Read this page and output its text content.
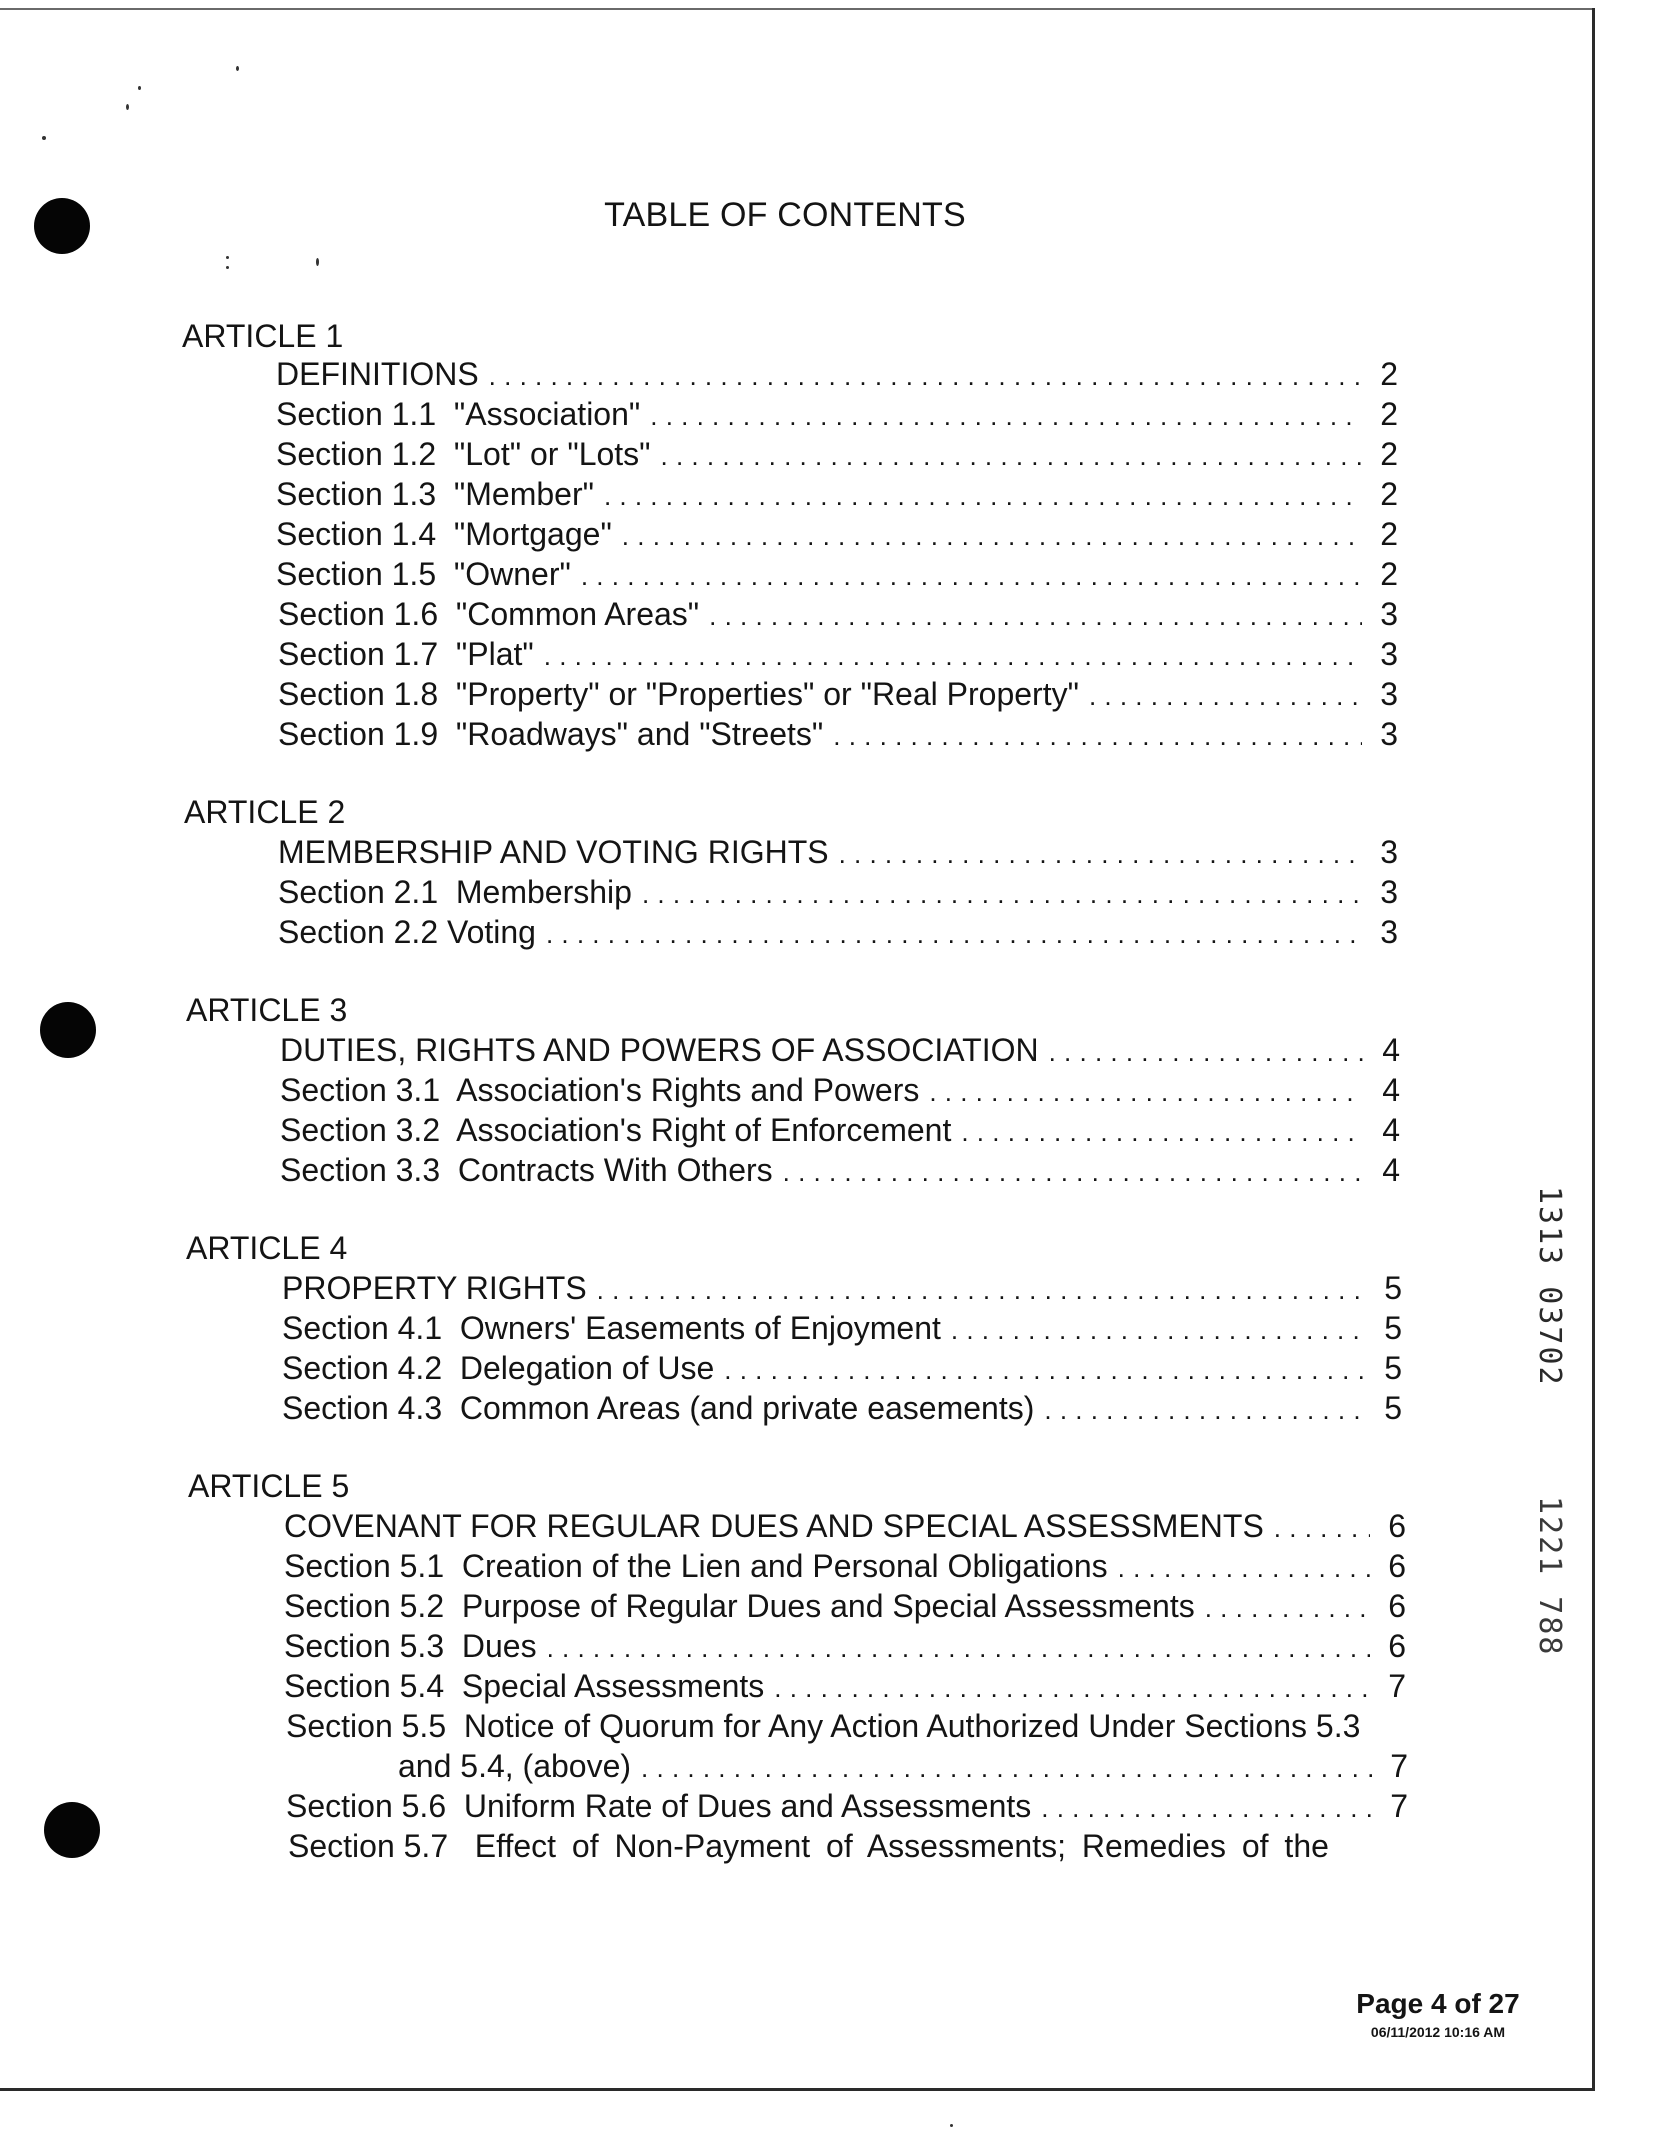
TABLE OF CONTENTS
ARTICLE 1
DEFINITIONS . . .	2
Section 1.1 "Association" . . .	2
Section 1.2 "Lot" or "Lots" . . .	2
Section 1.3 "Member" . . .	2
Section 1.4 "Mortgage" . . .	2
Section 1.5 "Owner" . . .	2
Section 1.6 "Common Areas" . . .	3
Section 1.7 "Plat" . . .	3
Section 1.8 "Property" or "Properties" or "Real Property" . . .	3
Section 1.9 "Roadways" and "Streets" . . .	3
ARTICLE 2
MEMBERSHIP AND VOTING RIGHTS . . .	3
Section 2.1 Membership . . .	3
Section 2.2 Voting . . .	3
ARTICLE 3
DUTIES, RIGHTS AND POWERS OF ASSOCIATION . . .	4
Section 3.1 Association's Rights and Powers . . .	4
Section 3.2 Association's Right of Enforcement . . .	4
Section 3.3 Contracts With Others . . .	4
ARTICLE 4
PROPERTY RIGHTS . . .	5
Section 4.1 Owners' Easements of Enjoyment . . .	5
Section 4.2 Delegation of Use . . .	5
Section 4.3 Common Areas (and private easements) . . .	5
ARTICLE 5
COVENANT FOR REGULAR DUES AND SPECIAL ASSESSMENTS . . .	6
Section 5.1 Creation of the Lien and Personal Obligations . . .	6
Section 5.2 Purpose of Regular Dues and Special Assessments . . .	6
Section 5.3 Dues . . .	6
Section 5.4 Special Assessments . . .	7
Section 5.5 Notice of Quorum for Any Action Authorized Under Sections 5.3
and 5.4, (above) . . .	7
Section 5.6 Uniform Rate of Dues and Assessments . . .	7
Section 5.7 Effect of Non-Payment of Assessments; Remedies of the
1313 03702
1221 788
Page 4 of 27
06/11/2012 10:16 AM
